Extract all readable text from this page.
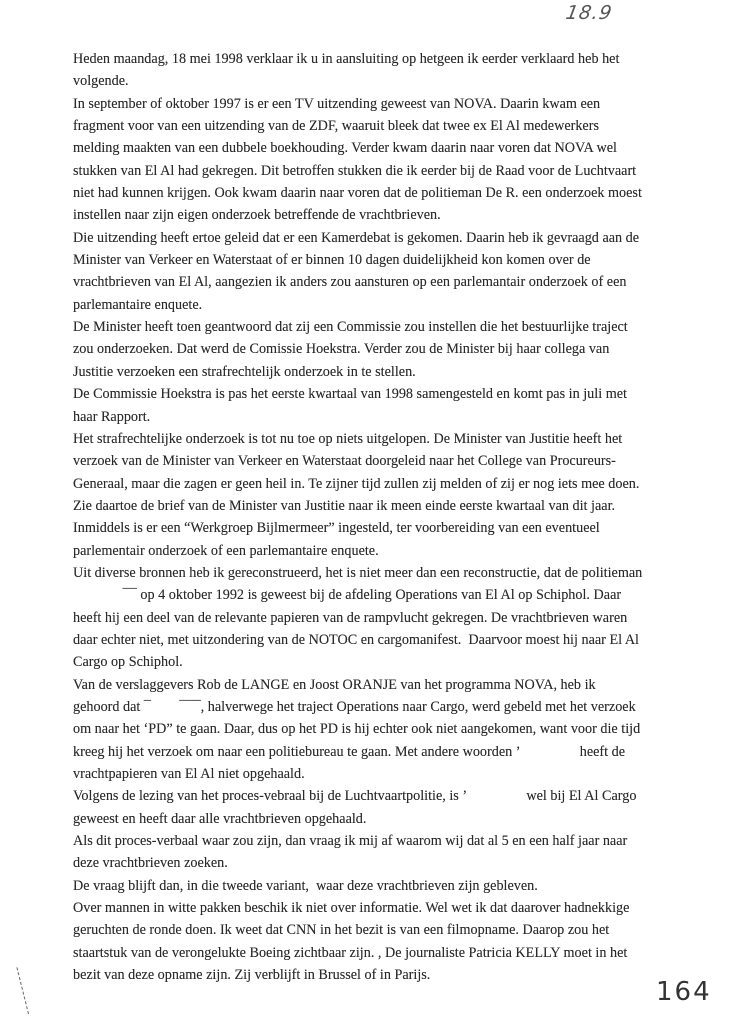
18.9
Heden maandag, 18 mei 1998 verklaar ik u in aansluiting op hetgeen ik eerder verklaard heb het
volgende.
In september of oktober 1997 is er een TV uitzending geweest van NOVA. Daarin kwam een
fragment voor van een uitzending van de ZDF, waaruit bleek dat twee ex El Al medewerkers
melding maakten van een dubbele boekhouding. Verder kwam daarin naar voren dat NOVA wel
stukken van El Al had gekregen. Dit betroffen stukken die ik eerder bij de Raad voor de Luchtvaart
niet had kunnen krijgen. Ook kwam daarin naar voren dat de politieman De R. een onderzoek moest
instellen naar zijn eigen onderzoek betreffende de vrachtbrieven.
Die uitzending heeft ertoe geleid dat er een Kamerdebat is gekomen. Daarin heb ik gevraagd aan de
Minister van Verkeer en Waterstaat of er binnen 10 dagen duidelijkheid kon komen over de
vrachtbrieven van El Al, aangezien ik anders zou aansturen op een parlemantair onderzoek of een
parlemantaire enquete.
De Minister heeft toen geantwoord dat zij een Commissie zou instellen die het bestuurlijke traject
zou onderzoeken. Dat werd de Comissie Hoekstra. Verder zou de Minister bij haar collega van
Justitie verzoeken een strafrechtelijk onderzoek in te stellen.
De Commissie Hoekstra is pas het eerste kwartaal van 1998 samengesteld en komt pas in juli met
haar Rapport.
Het strafrechtelijke onderzoek is tot nu toe op niets uitgelopen. De Minister van Justitie heeft het
verzoek van de Minister van Verkeer en Waterstaat doorgeleid naar het College van Procureurs-
Generaal, maar die zagen er geen heil in. Te zijner tijd zullen zij melden of zij er nog iets mee doen.
Zie daartoe de brief van de Minister van Justitie naar ik meen einde eerste kwartaal van dit jaar.
Inmiddels is er een “Werkgroep Bijlmermeer” ingesteld, ter voorbereiding van een eventueel
parlementair onderzoek of een parlemantaire enquete.
Uit diverse bronnen heb ik gereconstrueerd, het is niet meer dan een reconstructie, dat de politieman
¯¯ op 4 oktober 1992 is geweest bij de afdeling Operations van El Al op Schiphol. Daar
heeft hij een deel van de relevante papieren van de rampvlucht gekregen. De vrachtbrieven waren
daar echter niet, met uitzondering van de NOTOC en cargomanifest.  Daarvoor moest hij naar El Al
Cargo op Schiphol.
Van de verslaggevers Rob de LANGE en Joost ORANJE van het programma NOVA, heb ik
gehoord dat ¯        ¯¯¯, halverwege het traject Operations naar Cargo, werd gebeld met het verzoek
om naar het ‘PD” te gaan. Daar, dus op het PD is hij echter ook niet aangekomen, want voor die tijd
kreeg hij het verzoek om naar een politiebureau te gaan. Met andere woorden ’                 heeft de
vrachtpapieren van El Al niet opgehaald.
Volgens de lezing van het proces-vebraal bij de Luchtvaartpolitie, is ’                 wel bij El Al Cargo
geweest en heeft daar alle vrachtbrieven opgehaald.
Als dit proces-verbaal waar zou zijn, dan vraag ik mij af waarom wij dat al 5 en een half jaar naar
deze vrachtbrieven zoeken.
De vraag blijft dan, in die tweede variant,  waar deze vrachtbrieven zijn gebleven.
Over mannen in witte pakken beschik ik niet over informatie. Wel wet ik dat daarover hadnekkige
geruchten de ronde doen. Ik weet dat CNN in het bezit is van een filmopname. Daarop zou het
staartstuk van de verongelukte Boeing zichtbaar zijn. , De journaliste Patricia KELLY moet in het
bezit van deze opname zijn. Zij verblijft in Brussel of in Parijs.
164
